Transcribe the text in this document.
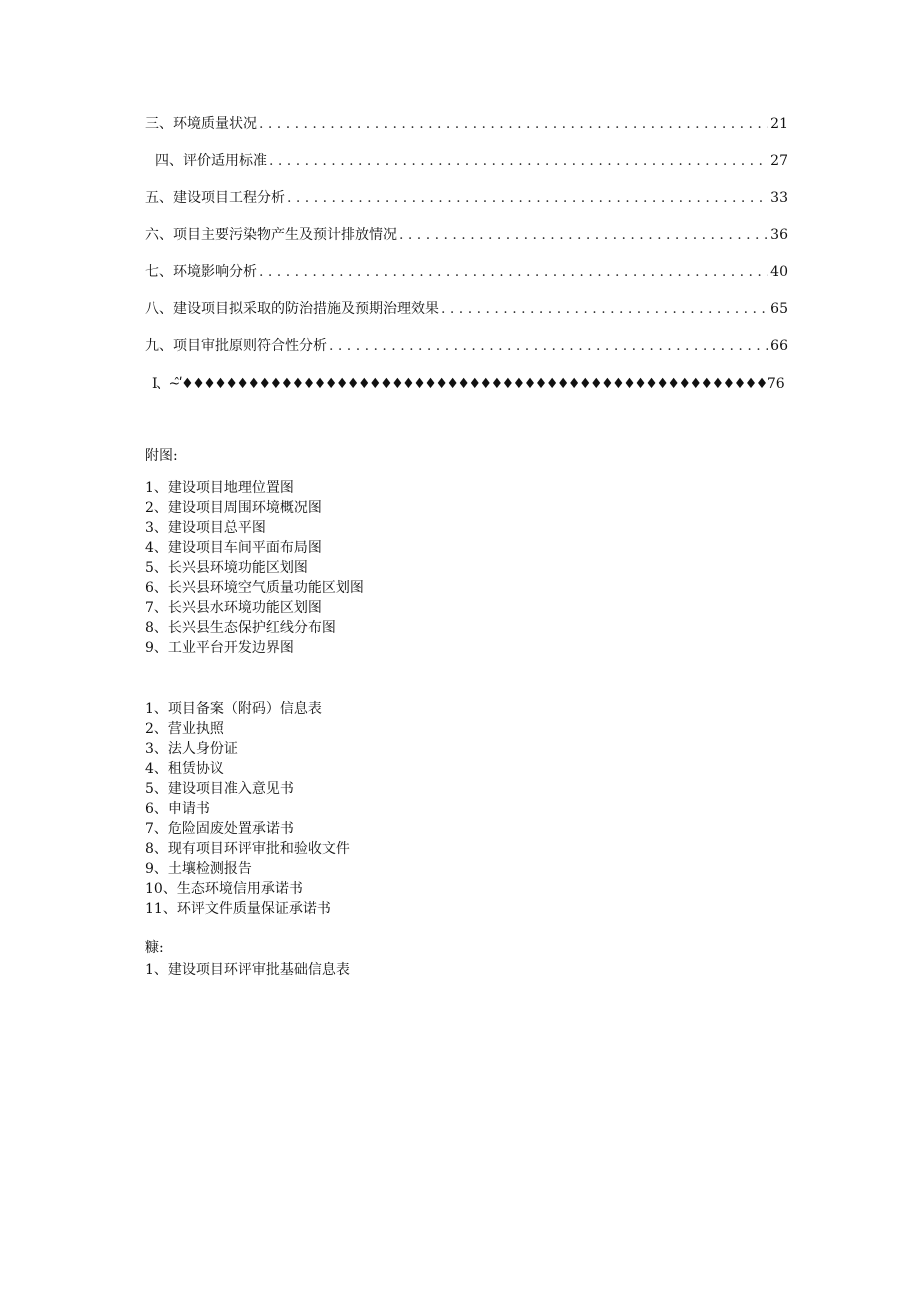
三、环境质量状况 . . .	21
四、评价适用标准 . . .	27
五、建设项目工程分析 . . .	33
六、项目主要污染物产生及预计排放情况 . . .	36
七、环境影响分析 . . .	40
八、建设项目拟采取的防治措施及预期治理效果 . . .	65
九、项目审批原则符合性分析 . . .	66
I、~̂ʹ♦♦♦♦♦♦♦♦♦♦♦♦♦♦♦♦♦♦♦♦♦♦♦♦♦♦♦♦♦♦♦♦♦♦♦♦♦♦♦♦♦♦♦♦♦♦♦♦♦♦♦♦♦76
附图:
1、建设项目地理位置图
2、建设项目周围环境概况图
3、建设项目总平图
4、建设项目车间平面布局图
5、长兴县环境功能区划图
6、长兴县环境空气质量功能区划图
7、长兴县水环境功能区划图
8、长兴县生态保护红线分布图
9、工业平台开发边界图
1、项目备案（附码）信息表
2、营业执照
3、法人身份证
4、租赁协议
5、建设项目准入意见书
6、申请书
7、危险固废处置承诺书
8、现有项目环评审批和验收文件
9、土壤检测报告
10、生态环境信用承诺书
11、环评文件质量保证承诺书
糠:
1、建设项目环评审批基础信息表
